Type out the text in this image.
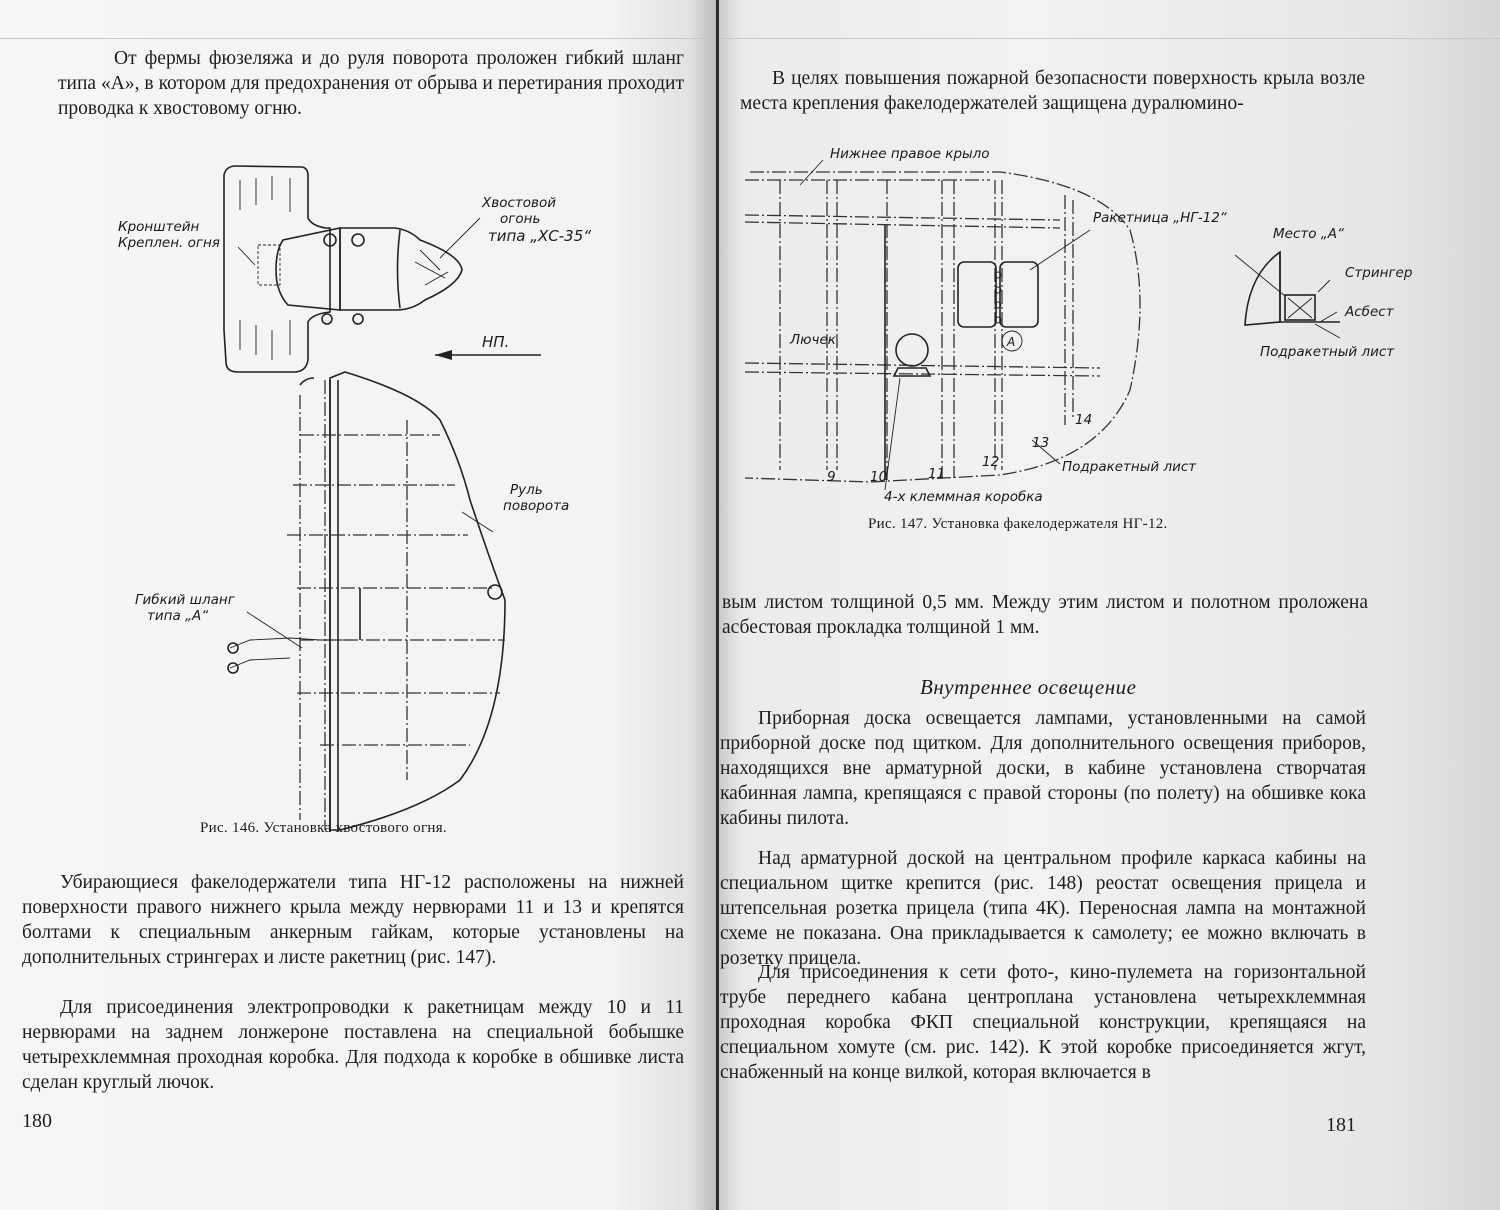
От фермы фюзеляжа и до руля поворота проложен гибкий шланг типа «А», в котором для предохранения от обрыва и перетирания проходит проводка к хвостовому огню.
Кронштейн
Креплен. огня
Хвостовой
огонь
типа „ХС-35“
НП.
Руль
поворота
Гибкий шланг
типа „А“
Рис. 146. Установка хвостового огня.
Убирающиеся факелодержатели типа НГ-12 расположены на нижней поверхности правого нижнего крыла между нервюрами 11 и 13 и крепятся болтами к специальным анкерным гайкам, которые установлены на дополнительных стрингерах и листе ракетниц (рис. 147).
Для присоединения электропроводки к ракетницам между 10 и 11 нервюрами на заднем лонжероне поставлена на специальной бобышке четырехклеммная проходная коробка. Для подхода к коробке в обшивке листа сделан круглый лючок.
180
В целях повышения пожарной безопасности поверхность крыла возле места крепления факелодержателей защищена дуралюмино-
Нижнее правое крыло
Ракетница „НГ-12“
Лючек	А
Место „А“
Стрингер
Асбест
Подракетный лист
Подракетный лист
4-х клеммная коробка
9	10	11
12
13
14
Рис. 147. Установка факелодержателя НГ-12.
вым листом толщиной 0,5 мм. Между этим листом и полотном проложена асбестовая прокладка толщиной 1 мм.
Внутреннее освещение
Приборная доска освещается лампами, установленными на самой приборной доске под щитком. Для дополнительного освещения приборов, находящихся вне арматурной доски, в кабине установлена створчатая кабинная лампа, крепящаяся с правой стороны (по полету) на обшивке кока кабины пилота.
Над арматурной доской на центральном профиле каркаса кабины на специальном щитке крепится (рис. 148) реостат освещения прицела и штепсельная розетка прицела (типа 4К). Переносная лампа на монтажной схеме не показана. Она прикладывается к самолету; ее можно включать в розетку прицела.
Для присоединения к сети фото-, кино-пулемета на горизонтальной трубе переднего кабана центроплана установлена четырехклеммная проходная коробка ФКП специальной конструкции, крепящаяся на специальном хомуте (см. рис. 142). К этой коробке присоединяется жгут, снабженный на конце вилкой, которая включается в
181
